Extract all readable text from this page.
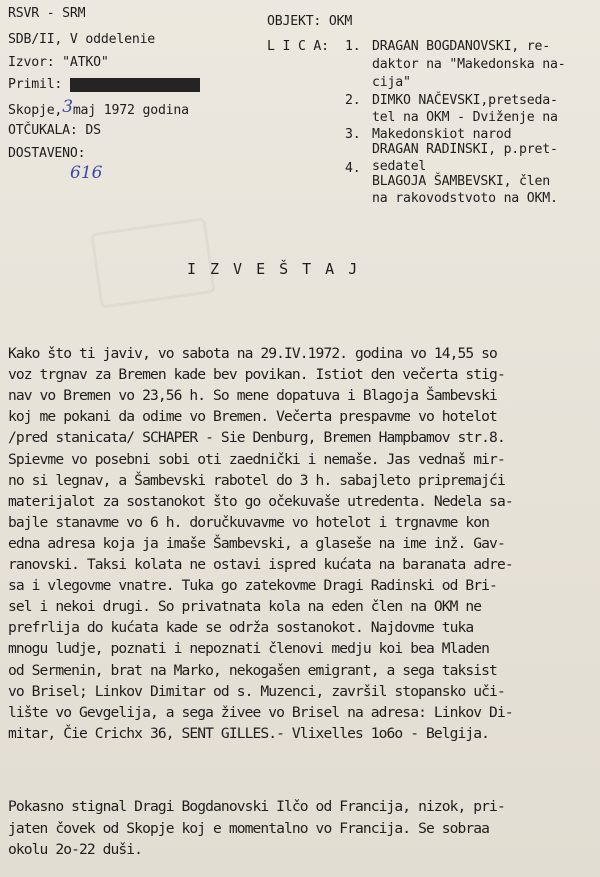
RSVR - SRM
SDB/II, V oddelenie
Izvor: "ATKO"
Primil:
Skopje,3maj 1972 godina
OTČUKALA: DS
DOSTAVENO:
616
OBJEKT: OKM
L I C A: 1. DRAGAN BOGDANOVSKI, re-
daktor na "Makedonska na-
cija"
2. DIMKO NAČEVSKI,pretsedа-
tel na OKM - Dviženje na
Makedonskiot narod
3.
DRAGAN RADINSKI, p.pret-
sedatel
4.
BLAGOJA ŠAMBEVSKI, člen
na rakovodstvoto na OKM.
IZVEŠTAJ
Kako što ti javiv, vo sabota na 29.IV.1972. godina vo 14,55 so
voz trgnav za Bremen kade bev povikan. Istiot den večerta stig-
nav vo Bremen vo 23,56 h. So mene dopatuva i Blagoja Šambevski
koj me pokani da odime vo Bremen. Večerta prespavme vo hotelot
/pred stanicata/ SCHAPER - Sie Denburg, Bremen Hampbamov str.8.
Spievme vo posebni sobi oti zaednički i nemaše. Jas vednaš mir-
no si legnav, a Šambevski rabotel do 3 h. sabajleto pripremajći
materijalot za sostanokot što go očekuvaše utredenta. Nedela sa-
bajle stanavme vo 6 h. doručkuvavme vo hotelot i trgnavme kon
edna adresa koja ja imaše Šambevski, a glaseše na ime inž. Gav-
ranovski. Taksi kolata ne ostavi ispred kućata na baranata adre-
sa i vlegovme vnatre. Tuka go zatekovme Dragi Radinski od Bri-
sel i nekoi drugi. So privatnata kola na eden člen na OKM ne
prefrlija do kućata kade se održa sostanokot. Najdovme tuka
mnogu ludje, poznati i nepoznati členovi medju koi bea Mladen
od Sermenin, brat na Marko, nekogašen emigrant, a sega taksist
vo Brisel; Linkov Dimitar od s. Muzenci, završil stopansko uči-
lište vo Gevgelija, a sega živee vo Brisel na adresa: Linkov Di-
mitar, Čie Crichx 36, SENT GILLES.- Vlixelles 1o6o - Belgija.
Pokasno stignal Dragi Bogdanovski Ilčo od Francija, nizok, pri-
jaten čovek od Skopje koj e momentalno vo Francija. Se sobraa
okolu 2o-22 duši.
